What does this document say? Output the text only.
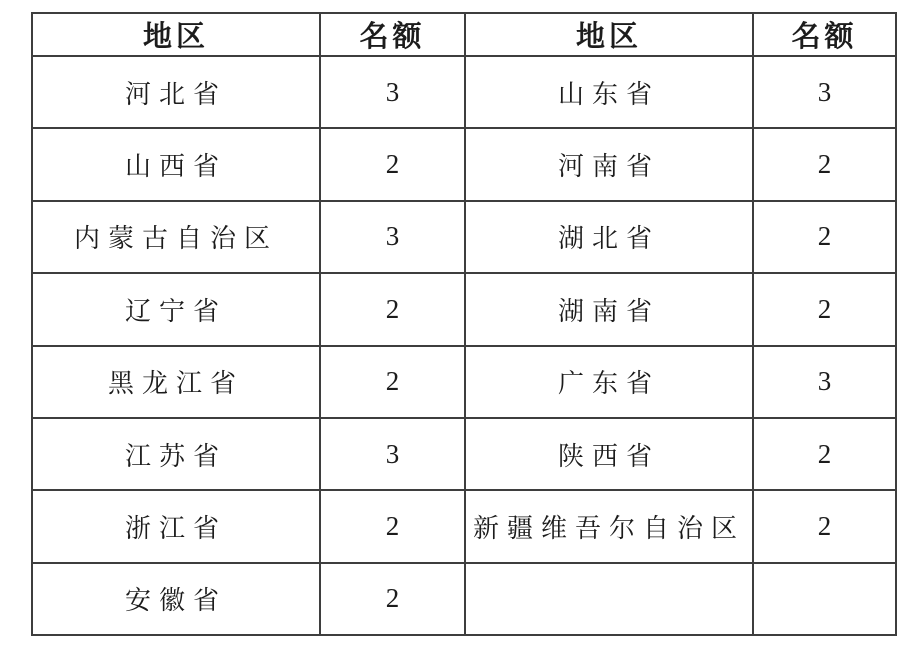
地区	名额	地区	名额
河北省	3	山东省	3
山西省	2	河南省	2
内蒙古自治区	3	湖北省	2
辽宁省	2	湖南省	2
黑龙江省	2	广东省	3
江苏省	3	陕西省	2
浙江省	2	新疆维吾尔自治区	2
安徽省	2		
